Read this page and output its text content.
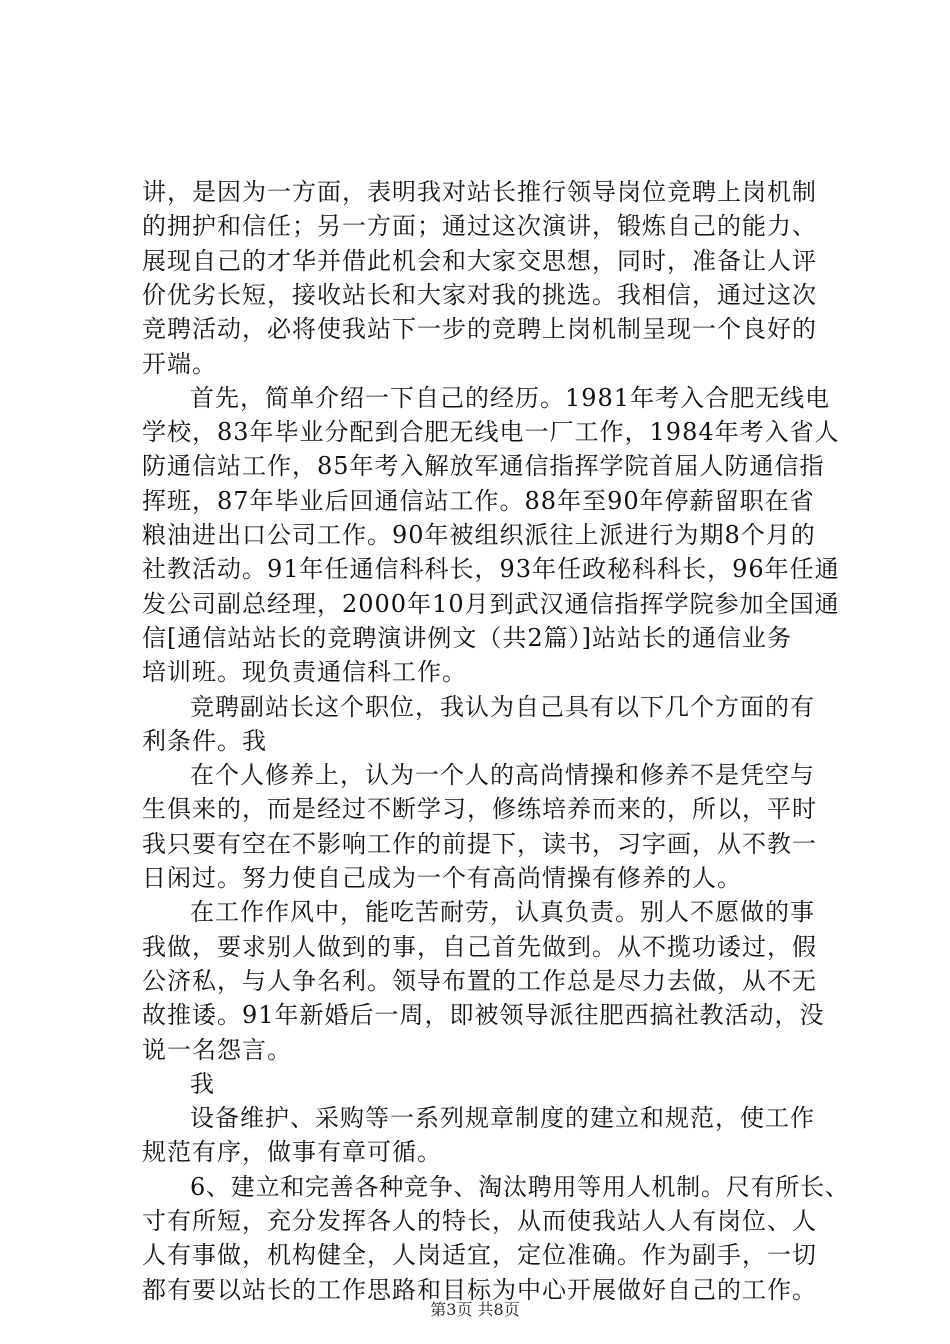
讲，是因为一方面，表明我对站长推行领导岗位竞聘上岗机制
的拥护和信任；另一方面；通过这次演讲，锻炼自己的能力、
展现自己的才华并借此机会和大家交思想，同时，准备让人评
价优劣长短，接收站长和大家对我的挑选。我相信，通过这次
竞聘活动，必将使我站下一步的竞聘上岗机制呈现一个良好的
开端。
首先，简单介绍一下自己的经历。1981年考入合肥无线电
学校，83年毕业分配到合肥无线电一厂工作，1984年考入省人
防通信站工作，85年考入解放军通信指挥学院首届人防通信指
挥班，87年毕业后回通信站工作。88年至90年停薪留职在省
粮油进出口公司工作。90年被组织派往上派进行为期8个月的
社教活动。91年任通信科科长，93年任政秘科科长，96年任通
发公司副总经理，2000年10月到武汉通信指挥学院参加全国通
信[通信站站长的竞聘演讲例文（共2篇）]站站长的通信业务
培训班。现负责通信科工作。
竞聘副站长这个职位，我认为自己具有以下几个方面的有
利条件。我
在个人修养上，认为一个人的高尚情操和修养不是凭空与
生俱来的，而是经过不断学习，修练培养而来的，所以，平时
我只要有空在不影响工作的前提下，读书，习字画，从不教一
日闲过。努力使自己成为一个有高尚情操有修养的人。
在工作作风中，能吃苦耐劳，认真负责。别人不愿做的事
我做，要求别人做到的事，自己首先做到。从不揽功诿过，假
公济私，与人争名利。领导布置的工作总是尽力去做，从不无
故推诿。91年新婚后一周，即被领导派往肥西搞社教活动，没
说一名怨言。
我
设备维护、采购等一系列规章制度的建立和规范，使工作
规范有序，做事有章可循。
6、建立和完善各种竞争、淘汰聘用等用人机制。尺有所长、
寸有所短，充分发挥各人的特长，从而使我站人人有岗位、人
人有事做，机构健全，人岗适宜，定位准确。作为副手，一切
都有要以站长的工作思路和目标为中心开展做好自己的工作。
第3页 共8页
